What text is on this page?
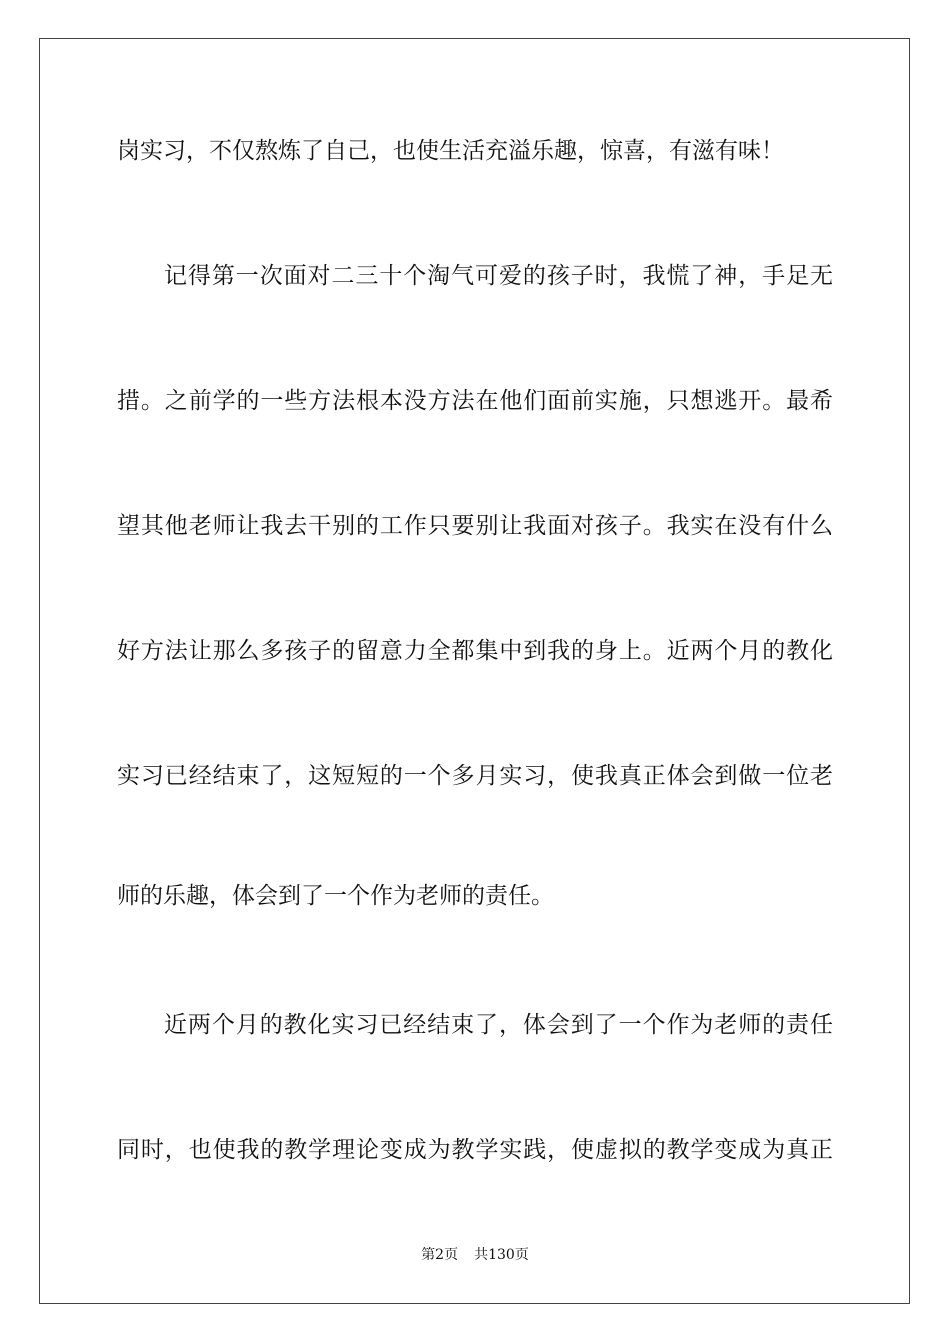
岗实习，不仅熬炼了自己，也使生活充溢乐趣，惊喜，有滋有味！
记得第一次面对二三十个淘气可爱的孩子时，我慌了神，手足无
措。之前学的一些方法根本没方法在他们面前实施，只想逃开。最希
望其他老师让我去干别的工作只要别让我面对孩子。我实在没有什么
好方法让那么多孩子的留意力全都集中到我的身上。近两个月的教化
实习已经结束了，这短短的一个多月实习，使我真正体会到做一位老
师的乐趣，体会到了一个作为老师的责任。
近两个月的教化实习已经结束了，体会到了一个作为老师的责任
同时，也使我的教学理论变成为教学实践，使虚拟的教学变成为真正
第2页 共130页
